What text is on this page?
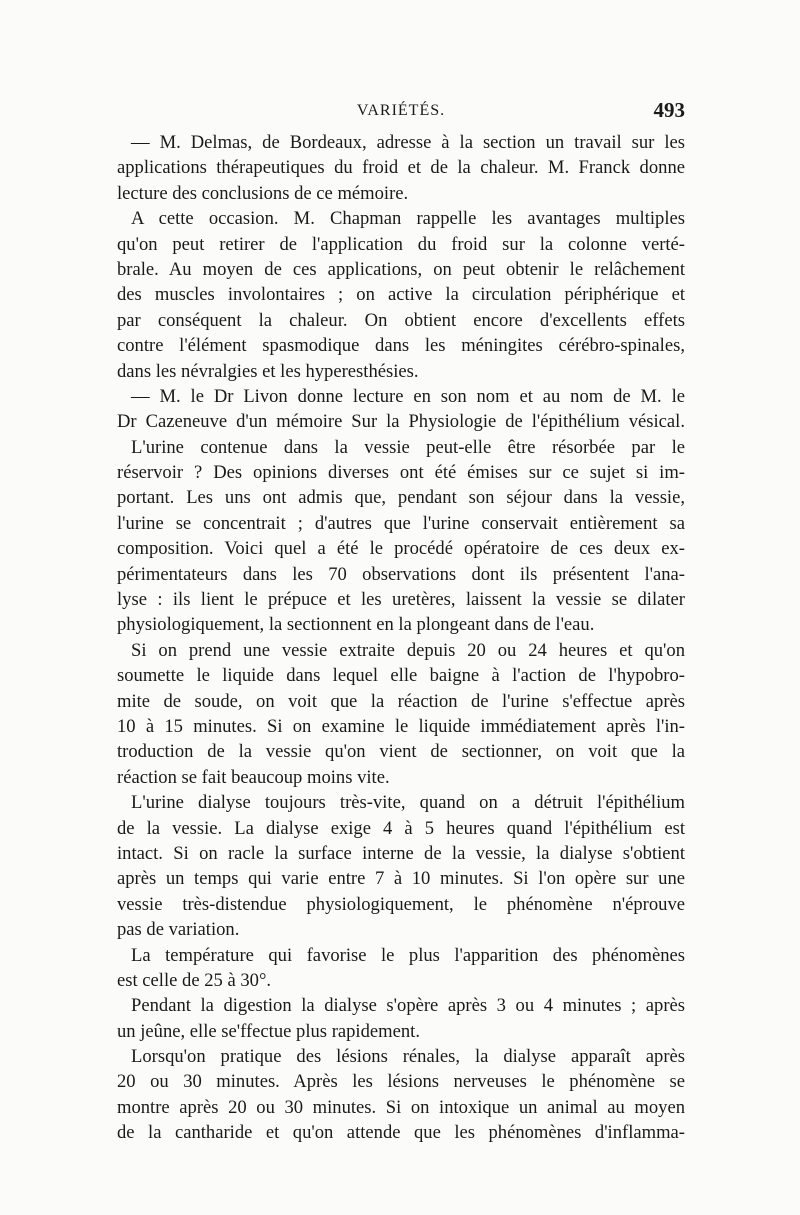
VARIÉTÉS.	493
— M. Delmas, de Bordeaux, adresse à la section un travail sur les
applications thérapeutiques du froid et de la chaleur. M. Franck donne
lecture des conclusions de ce mémoire.
A cette occasion. M. Chapman rappelle les avantages multiples
qu'on peut retirer de l'application du froid sur la colonne verté-
brale. Au moyen de ces applications, on peut obtenir le relâchement
des muscles involontaires ; on active la circulation périphérique et
par conséquent la chaleur. On obtient encore d'excellents effets
contre l'élément spasmodique dans les méningites cérébro-spinales,
dans les névralgies et les hyperesthésies.
— M. le Dr Livon donne lecture en son nom et au nom de M. le
Dr Cazeneuve d'un mémoire Sur la Physiologie de l'épithélium vésical.
L'urine contenue dans la vessie peut-elle être résorbée par le
réservoir ? Des opinions diverses ont été émises sur ce sujet si im-
portant. Les uns ont admis que, pendant son séjour dans la vessie,
l'urine se concentrait ; d'autres que l'urine conservait entièrement sa
composition. Voici quel a été le procédé opératoire de ces deux ex-
périmentateurs dans les 70 observations dont ils présentent l'ana-
lyse : ils lient le prépuce et les uretères, laissent la vessie se dilater
physiologiquement, la sectionnent en la plongeant dans de l'eau.
Si on prend une vessie extraite depuis 20 ou 24 heures et qu'on
soumette le liquide dans lequel elle baigne à l'action de l'hypobro-
mite de soude, on voit que la réaction de l'urine s'effectue après
10 à 15 minutes. Si on examine le liquide immédiatement après l'in-
troduction de la vessie qu'on vient de sectionner, on voit que la
réaction se fait beaucoup moins vite.
L'urine dialyse toujours très-vite, quand on a détruit l'épithélium
de la vessie. La dialyse exige 4 à 5 heures quand l'épithélium est
intact. Si on racle la surface interne de la vessie, la dialyse s'obtient
après un temps qui varie entre 7 à 10 minutes. Si l'on opère sur une
vessie très-distendue physiologiquement, le phénomène n'éprouve
pas de variation.
La température qui favorise le plus l'apparition des phénomènes
est celle de 25 à 30°.
Pendant la digestion la dialyse s'opère après 3 ou 4 minutes ; après
un jeûne, elle se'ffectue plus rapidement.
Lorsqu'on pratique des lésions rénales, la dialyse apparaît après
20 ou 30 minutes. Après les lésions nerveuses le phénomène se
montre après 20 ou 30 minutes. Si on intoxique un animal au moyen
de la cantharide et qu'on attende que les phénomènes d'inflamma-
